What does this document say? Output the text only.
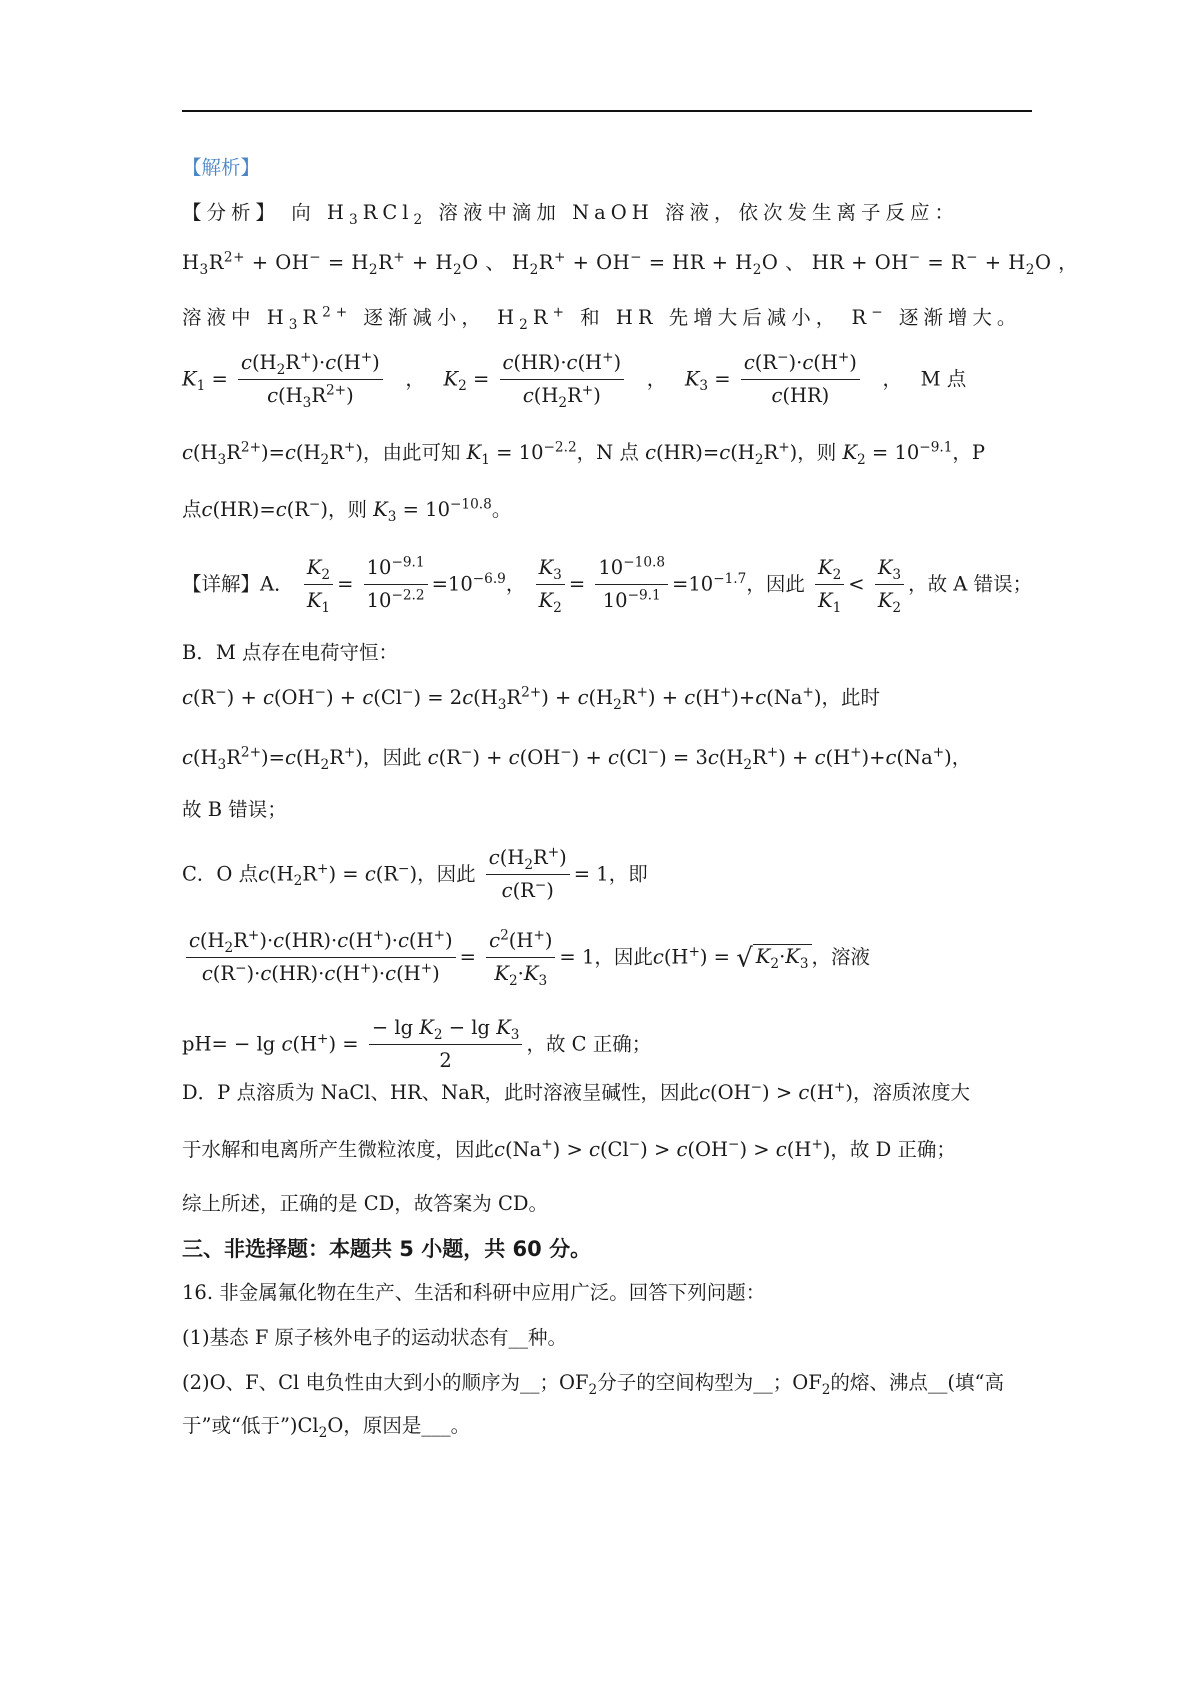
【解析】
【分析】 向 $H_3RCl_2$ 溶液中滴加 NaOH 溶液，依次发生离子反应：
$H_3R^{2+} + OH^- = H_2R^+ + H_2O$ 、 $H_2R^+ + OH^-$ = HR + $H_2O$ 、 HR + $OH^- = R^- + H_2O$ ，
溶液中 $H_3R^{2+}$ 逐渐减小， $H_2R^+$ 和 HR 先增大后减小， R− 逐渐增大。
$K_1 = \frac{c(H_2R^+)\cdot c(H^+)}{c(H_3R^{2+})}$ ，   $K_2 = \frac{c(HR)\cdot c(H^+)}{c(H_2R^+)}$ ，   $K_3 = \frac{c(R^-)\cdot c(H^+)}{c(HR)}$ ，   M 点
$c(H_3R^{2+})=c(H_2R^+)$，由此可知 $K_1 = 10^{-2.2}$，N 点 $c(HR)=c(H_2R^+)$，则 $K_2 = 10^{-9.1}$，P
点c(HR)=c(R−)，则 $K_3 = 10^{-10.8}$。
【详解】A． $\frac{K_2}{K_1} = \frac{10^{-9.1}}{10^{-2.2}} =10^{-6.9}$， $\frac{K_3}{K_2} = \frac{10^{-10.8}}{10^{-9.1}} =10^{-1.7}$，因此 $\frac{K_2}{K_1} < \frac{K_3}{K_2}$ ，故 A 错误；
B．M 点存在电荷守恒：
$c(R^-) + c(OH^-) + c(Cl^-) = 2c(H_3R^{2+}) + c(H_2R^+) + c(H^+)+c(Na^+)$，此时
$c(H_3R^{2+})=c(H_2R^+)$，因此 $c(R^-) + c(OH^-) + c(Cl^-) = 3c(H_2R^+) + c(H^+)+c(Na^+)$，
故 B 错误；
C．O 点$c(H_2R^+) = c(R^-)$，因此 $\frac{c(H_2R^+)}{c(R^-)} = 1$，即
$\frac{c(H_2R^+)\cdot c(HR)\cdot c(H^+)\cdot c(H^+)}{c(R^-)\cdot c(HR)\cdot c(H^+)\cdot c(H^+)} = \frac{c^2(H^+)}{K_2\cdot K_3} = 1$，因此c(H+) = √ $K_2\cdot K_3$ ，溶液
$pH= - \lg c(H^+) = \frac{- \lg K_2 - \lg K_3}{2}$ ，故 C 正确；
D．P 点溶质为 NaCl、HR、NaR，此时溶液呈碱性，因此c(OH−) > c(H+)，溶质浓度大
于水解和电离所产生微粒浓度，因此c(Na+) > c(Cl−) > c(OH−) > c(H+)，故 D 正确；
综上所述，正确的是 CD，故答案为 CD。
三、非选择题：本题共 5 小题，共 60 分。
16. 非金属氟化物在生产、生活和科研中应用广泛。回答下列问题：
(1)基态 F 原子核外电子的运动状态有__种。
(2)O、F、Cl 电负性由大到小的顺序为__；$OF_2$分子的空间构型为__；$OF_2$的熔、沸点__(填“高
于”或“低于$”)Cl_2O$，原因是___。
